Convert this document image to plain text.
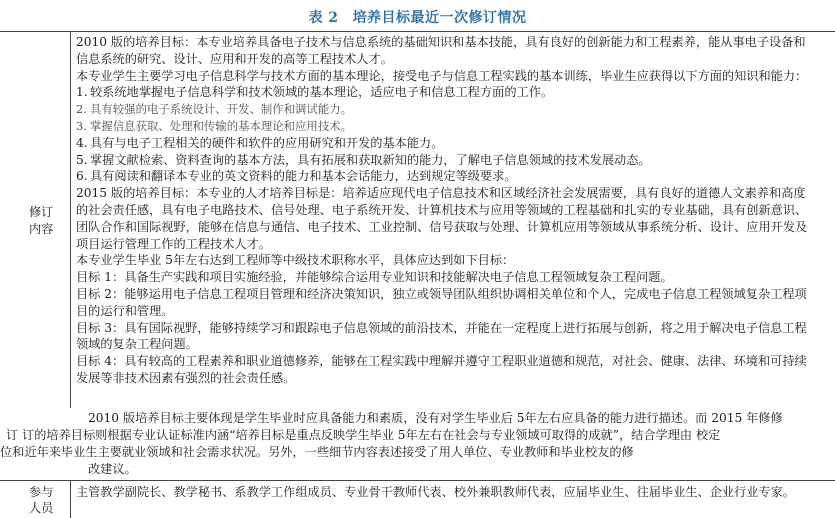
表 2 培养目标最近一次修订情况
修订内容

2010 版的培养目标：本专业培养具备电子技术与信息系统的基础知识和基本技能，具有良好的创新能力和工程素养，能从事电子设备和信息系统的研究、设计、应用和开发的高等工程技术人才。

本专业学生主要学习电子信息科学与技术方面的基本理论，接受电子与信息工程实践的基本训练，毕业生应获得以下方面的知识和能力：

1. 较系统地掌握电子信息科学和技术领域的基本理论，适应电子和信息工程方面的工作。
2. 具有较强的电子系统设计、开发、制作和调试能力。
3. 掌握信息获取、处理和传输的基本理论和应用技术。
4. 具有与电子工程相关的硬件和软件的应用研究和开发的基本能力。
5. 掌握文献检索、资料查询的基本方法，具有拓展和获取新知的能力，了解电子信息领域的技术发展动态。
6. 具有阅读和翻译本专业的英文资料的能力和基本会话能力，达到规定等级要求。

2015 版的培养目标：本专业的人才培养目标是：培养适应现代电子信息技术和区域经济社会发展需要，具有良好的道德人文素养和高度的社会责任感，具有电子电路技术、信号处理、电子系统开发、计算机技术与应用等领域的工程基础和扎实的专业基础，具有创新意识、团队合作和国际视野，能够在信息与通信、电子技术、工业控制、信号获取与处理、计算机应用等领域从事系统分析、设计、应用开发及项目运行管理工作的工程技术人才。

本专业学生毕业 5年左右达到工程师等中级技术职称水平，具体应达到如下目标：

目标 1：具备生产实践和项目实施经验，并能够综合运用专业知识和技能解决电子信息工程领域复杂工程问题。

目标 2：能够运用电子信息工程项目管理和经济决策知识，独立或领导团队组织协调相关单位和个人，完成电子信息工程领域复杂工程项目的运行和管理。

目标 3：具有国际视野，能够持续学习和跟踪电子信息领域的前沿技术，并能在一定程度上进行拓展与创新，将之用于解决电子信息工程领域的复杂工程问题。

目标 4：具有较高的工程素养和职业道德修养，能够在工程实践中理解并遵守工程职业道德和规范，对社会、健康、法律、环境和可持续发展等非技术因素有强烈的社会责任感。

2010 版培养目标主要体现是学生毕业时应具备能力和素质，没有对学生毕业后 5年左右应具备的能力进行描述。而 2015 年修修
订 订的培养目标则根据专业认证标准内涵“培养目标是重点反映学生毕业 5年左右在社会与专业领域可取得的成就”，结合学理由 校定
位和近年来毕业生主要就业领域和社会需求状况。另外，一些细节内容表述接受了用人单位、专业教师和毕业校友的修
改建议。
参与
人员
主管教学副院长、教学秘书、系教学工作组成员、专业骨干教师代表、校外兼职教师代表，应届毕业生、往届毕业生、企业行业专家。
